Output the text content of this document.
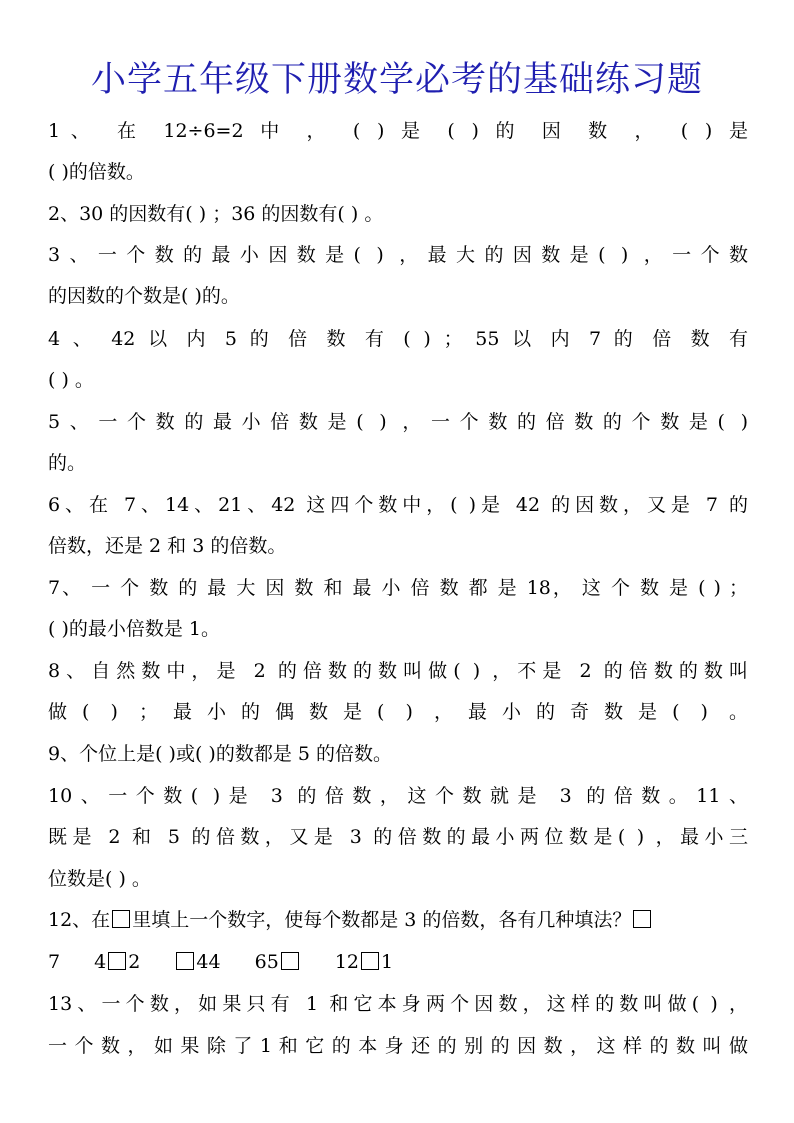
小学五年级下册数学必考的基础练习题
1、 在 12÷6=2 中 ， ( ) 是 ( ) 的 因 数 ， ( ) 是
( )的倍数。
2、30 的因数有( ) ；36 的因数有( ) 。
3、一个数的最小因数是( ) ，最大的因数是( ) ，一个数
的因数的个数是( )的。
4 、 42 以 内 5 的 倍 数 有 ( ) ； 55 以 内 7 的 倍 数 有
( ) 。
5、一个数的最小倍数是( ) ，一个数的倍数的个数是( )
的。
6、在 7、14、21、42 这四个数中，( )是 42 的因数，又是 7 的
倍数，还是 2 和 3 的倍数。
7、 一 个 数 的 最 大 因 数 和 最 小 倍 数 都 是 18， 这 个 数 是 ( ) ；
( )的最小倍数是 1。
8、自然数中，是 2 的倍数的数叫做( ) ，不是 2 的倍数的数叫
做( ) ；最小的偶数是( ) ，最小的奇数是( ) 。
9、个位上是( )或( )的数都是 5 的倍数。
10、一个数( )是 3 的倍数，这个数就是 3 的倍数。11、
既是 2 和 5 的倍数，又是 3 的倍数的最小两位数是( ) ，最小三
位数是( ) 。
12、在 里填上一个数字，使每个数都是 3 的倍数，各有几种填法？
7 4 2	44 65	12 1
13、一个数，如果只有 1 和它本身两个因数，这样的数叫做( ) ，
一 个 数 ， 如 果 除 了 1 和 它 的 本 身 还 的 别 的 因 数 ， 这 样 的 数 叫 做
